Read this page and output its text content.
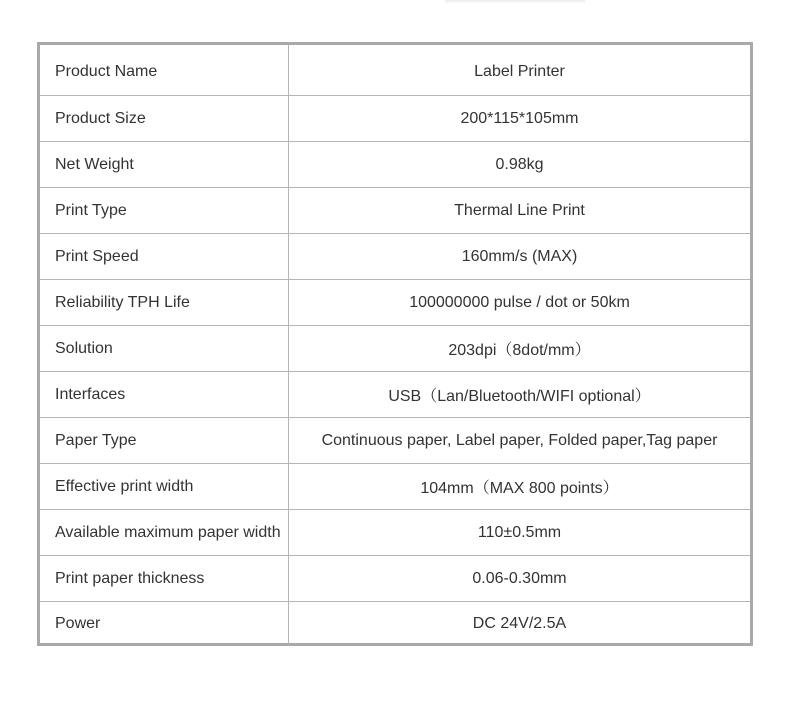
Product Name	Label Printer
Product Size	200*115*105mm
Net Weight	0.98kg
Print Type	Thermal Line Print
Print Speed	160mm/s (MAX)
Reliability TPH Life	100000000 pulse / dot or 50km
Solution	203dpi（8dot/mm）
Interfaces	USB（Lan/Bluetooth/WIFI optional）
Paper Type	Continuous paper, Label paper, Folded paper,Tag paper
Effective print width	104mm（MAX 800 points）
Available maximum paper width	110±0.5mm
Print paper thickness	0.06-0.30mm
Power	DC 24V/2.5A
